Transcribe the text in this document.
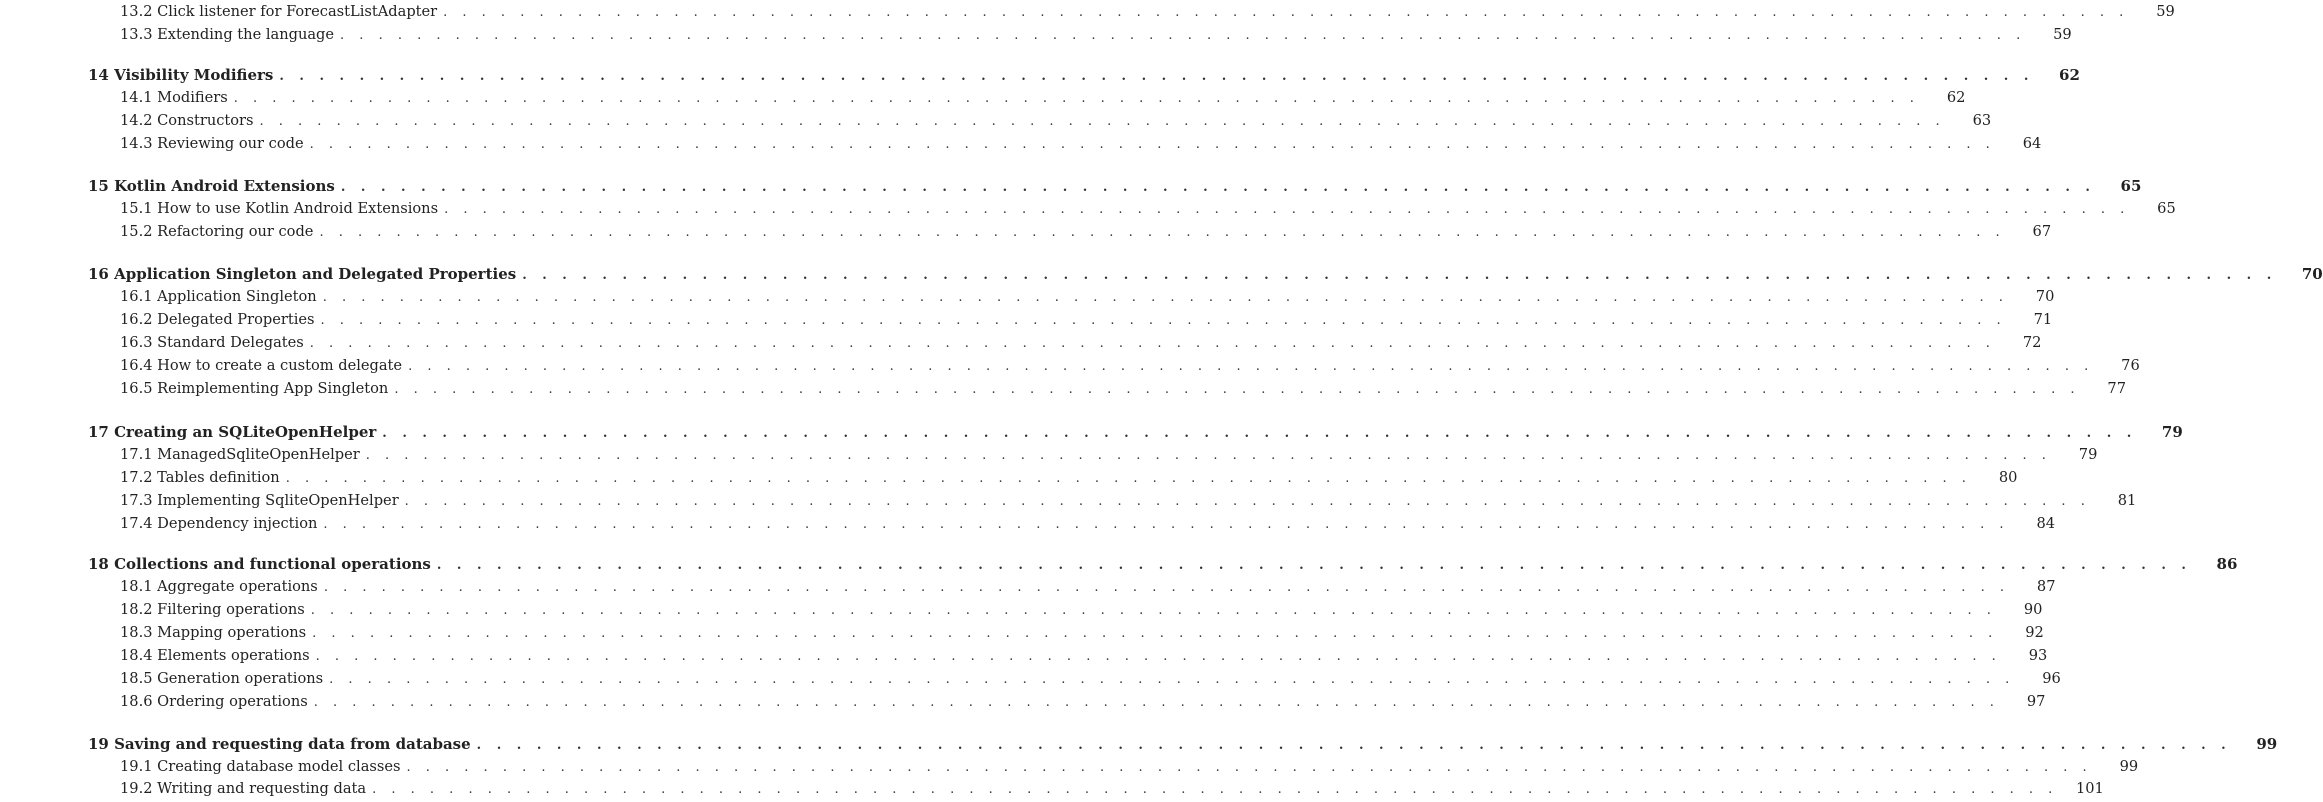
13.2 Click listener for ForecastListAdapter . . . . . . . . . . . . . . . . . . . . . . . . . . . . . . . . . . . . . . . . . . . . . . . . . . . . . . . . . . . . . . . . . . . . . . . . . . . . . . . . . . . . . . . .	59
13.3 Extending the language . . . . . . . . . . . . . . . . . . . . . . . . . . . . . . . . . . . . . . . . . . . . . . . . . . . . . . . . . . . . . . . . . . . . . . . . . . . . . . . . . . . . . . . .	59
14 Visibility Modifiers . . . . . . . . . . . . . . . . . . . . . . . . . . . . . . . . . . . . . . . . . . . . . . . . . . . . . . . . . . . . . . . . . . . . . . . . . . . . . . . . . . . . . . . .	62
14.1 Modifiers . . . . . . . . . . . . . . . . . . . . . . . . . . . . . . . . . . . . . . . . . . . . . . . . . . . . . . . . . . . . . . . . . . . . . . . . . . . . . . . . . . . . . . . .	62
14.2 Constructors . . . . . . . . . . . . . . . . . . . . . . . . . . . . . . . . . . . . . . . . . . . . . . . . . . . . . . . . . . . . . . . . . . . . . . . . . . . . . . . . . . . . . . . .	63
14.3 Reviewing our code . . . . . . . . . . . . . . . . . . . . . . . . . . . . . . . . . . . . . . . . . . . . . . . . . . . . . . . . . . . . . . . . . . . . . . . . . . . . . . . . . . . . . . . .	64
15 Kotlin Android Extensions . . . . . . . . . . . . . . . . . . . . . . . . . . . . . . . . . . . . . . . . . . . . . . . . . . . . . . . . . . . . . . . . . . . . . . . . . . . . . . . . . . . . . . . .	65
15.1 How to use Kotlin Android Extensions . . . . . . . . . . . . . . . . . . . . . . . . . . . . . . . . . . . . . . . . . . . . . . . . . . . . . . . . . . . . . . . . . . . . . . . . . . . . . . . . . . . . . . . .	65
15.2 Refactoring our code . . . . . . . . . . . . . . . . . . . . . . . . . . . . . . . . . . . . . . . . . . . . . . . . . . . . . . . . . . . . . . . . . . . . . . . . . . . . . . . . . . . . . . . .	67
16 Application Singleton and Delegated Properties . . . . . . . . . . . . . . . . . . . . . . . . . . . . . . . . . . . . . . . . . . . . . . . . . . . . . . . . . . . . . . . . . . . . . . . . . . . . . . . . . . . . . . . .	70
16.1 Application Singleton . . . . . . . . . . . . . . . . . . . . . . . . . . . . . . . . . . . . . . . . . . . . . . . . . . . . . . . . . . . . . . . . . . . . . . . . . . . . . . . . . . . . . . . .	70
16.2 Delegated Properties . . . . . . . . . . . . . . . . . . . . . . . . . . . . . . . . . . . . . . . . . . . . . . . . . . . . . . . . . . . . . . . . . . . . . . . . . . . . . . . . . . . . . . . .	71
16.3 Standard Delegates . . . . . . . . . . . . . . . . . . . . . . . . . . . . . . . . . . . . . . . . . . . . . . . . . . . . . . . . . . . . . . . . . . . . . . . . . . . . . . . . . . . . . . . .	72
16.4 How to create a custom delegate . . . . . . . . . . . . . . . . . . . . . . . . . . . . . . . . . . . . . . . . . . . . . . . . . . . . . . . . . . . . . . . . . . . . . . . . . . . . . . . . . . . . . . . .	76
16.5 Reimplementing App Singleton . . . . . . . . . . . . . . . . . . . . . . . . . . . . . . . . . . . . . . . . . . . . . . . . . . . . . . . . . . . . . . . . . . . . . . . . . . . . . . . . . . . . . . . .	77
17 Creating an SQLiteOpenHelper . . . . . . . . . . . . . . . . . . . . . . . . . . . . . . . . . . . . . . . . . . . . . . . . . . . . . . . . . . . . . . . . . . . . . . . . . . . . . . . . . . . . . . . .	79
17.1 ManagedSqliteOpenHelper . . . . . . . . . . . . . . . . . . . . . . . . . . . . . . . . . . . . . . . . . . . . . . . . . . . . . . . . . . . . . . . . . . . . . . . . . . . . . . . . . . . . . . . .	79
17.2 Tables definition . . . . . . . . . . . . . . . . . . . . . . . . . . . . . . . . . . . . . . . . . . . . . . . . . . . . . . . . . . . . . . . . . . . . . . . . . . . . . . . . . . . . . . . .	80
17.3 Implementing SqliteOpenHelper . . . . . . . . . . . . . . . . . . . . . . . . . . . . . . . . . . . . . . . . . . . . . . . . . . . . . . . . . . . . . . . . . . . . . . . . . . . . . . . . . . . . . . . .	81
17.4 Dependency injection . . . . . . . . . . . . . . . . . . . . . . . . . . . . . . . . . . . . . . . . . . . . . . . . . . . . . . . . . . . . . . . . . . . . . . . . . . . . . . . . . . . . . . . .	84
18 Collections and functional operations . . . . . . . . . . . . . . . . . . . . . . . . . . . . . . . . . . . . . . . . . . . . . . . . . . . . . . . . . . . . . . . . . . . . . . . . . . . . . . . . . . . . . . . .	86
18.1 Aggregate operations . . . . . . . . . . . . . . . . . . . . . . . . . . . . . . . . . . . . . . . . . . . . . . . . . . . . . . . . . . . . . . . . . . . . . . . . . . . . . . . . . . . . . . . .	87
18.2 Filtering operations . . . . . . . . . . . . . . . . . . . . . . . . . . . . . . . . . . . . . . . . . . . . . . . . . . . . . . . . . . . . . . . . . . . . . . . . . . . . . . . . . . . . . . . .	90
18.3 Mapping operations . . . . . . . . . . . . . . . . . . . . . . . . . . . . . . . . . . . . . . . . . . . . . . . . . . . . . . . . . . . . . . . . . . . . . . . . . . . . . . . . . . . . . . . .	92
18.4 Elements operations . . . . . . . . . . . . . . . . . . . . . . . . . . . . . . . . . . . . . . . . . . . . . . . . . . . . . . . . . . . . . . . . . . . . . . . . . . . . . . . . . . . . . . . .	93
18.5 Generation operations . . . . . . . . . . . . . . . . . . . . . . . . . . . . . . . . . . . . . . . . . . . . . . . . . . . . . . . . . . . . . . . . . . . . . . . . . . . . . . . . . . . . . . . .	96
18.6 Ordering operations . . . . . . . . . . . . . . . . . . . . . . . . . . . . . . . . . . . . . . . . . . . . . . . . . . . . . . . . . . . . . . . . . . . . . . . . . . . . . . . . . . . . . . . .	97
19 Saving and requesting data from database . . . . . . . . . . . . . . . . . . . . . . . . . . . . . . . . . . . . . . . . . . . . . . . . . . . . . . . . . . . . . . . . . . . . . . . . . . . . . . . . . . . . . . . .	99
19.1 Creating database model classes . . . . . . . . . . . . . . . . . . . . . . . . . . . . . . . . . . . . . . . . . . . . . . . . . . . . . . . . . . . . . . . . . . . . . . . . . . . . . . . . . . . . . . . .	99
19.2 Writing and requesting data . . . . . . . . . . . . . . . . . . . . . . . . . . . . . . . . . . . . . . . . . . . . . . . . . . . . . . . . . . . . . . . . . . . . . . . . . . . . . . . . . . . . . . . .	101
